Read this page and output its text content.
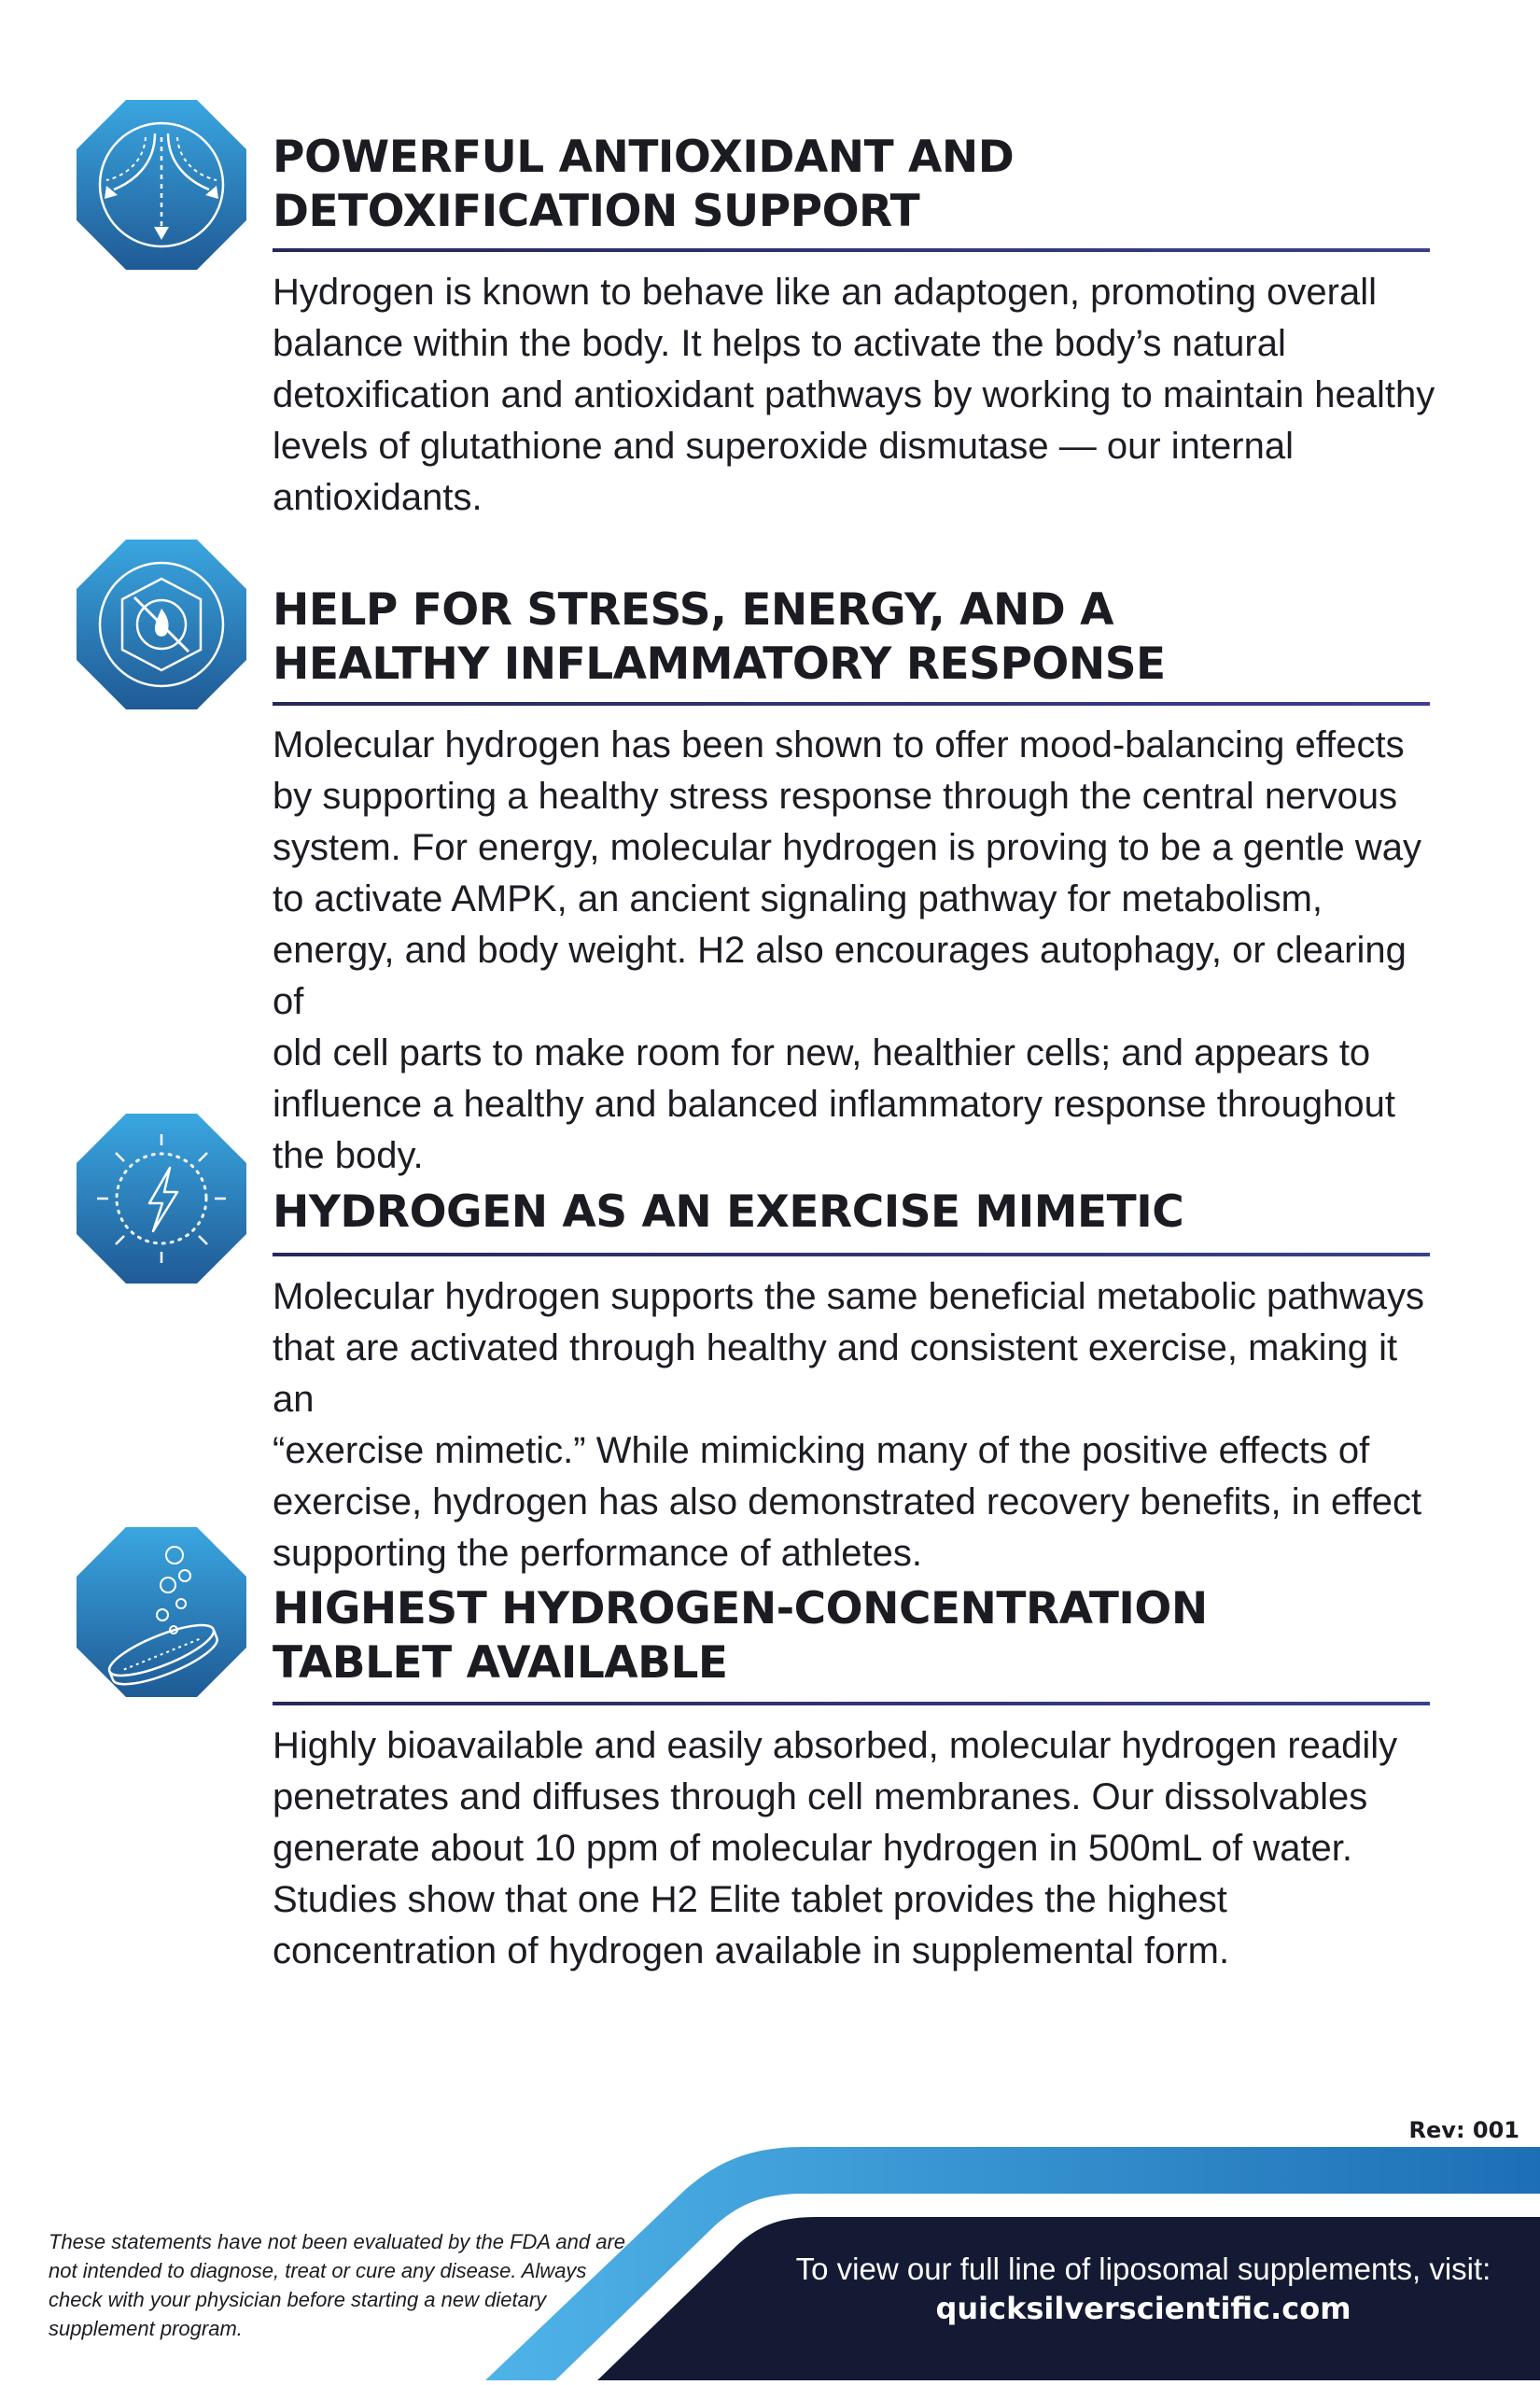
POWERFUL ANTIOXIDANT AND
DETOXIFICATION SUPPORT

Hydrogen is known to behave like an adaptogen, promoting overall
balance within the body. It helps to activate the body’s natural
detoxification and antioxidant pathways by working to maintain healthy
levels of glutathione and superoxide dismutase — our internal
antioxidants.

HELP FOR STRESS, ENERGY, AND A
HEALTHY INFLAMMATORY RESPONSE

Molecular hydrogen has been shown to offer mood-balancing effects
by supporting a healthy stress response through the central nervous
system. For energy, molecular hydrogen is proving to be a gentle way
to activate AMPK, an ancient signaling pathway for metabolism,
energy, and body weight. H2 also encourages autophagy, or clearing of
old cell parts to make room for new, healthier cells; and appears to
influence a healthy and balanced inflammatory response throughout
the body.

HYDROGEN AS AN EXERCISE MIMETIC

Molecular hydrogen supports the same beneficial metabolic pathways
that are activated through healthy and consistent exercise, making it an
“exercise mimetic.” While mimicking many of the positive effects of
exercise, hydrogen has also demonstrated recovery benefits, in effect
supporting the performance of athletes.

HIGHEST HYDROGEN-CONCENTRATION
TABLET AVAILABLE

Highly bioavailable and easily absorbed, molecular hydrogen readily
penetrates and diffuses through cell membranes. Our dissolvables
generate about 10 ppm of molecular hydrogen in 500mL of water.
Studies show that one H2 Elite tablet provides the highest
concentration of hydrogen available in supplemental form.

Rev: 001

These statements have not been evaluated by the FDA and are
not intended to diagnose, treat or cure any disease. Always
check with your physician before starting a new dietary
supplement program.

To view our full line of liposomal supplements, visit:
quicksilverscientific.com
